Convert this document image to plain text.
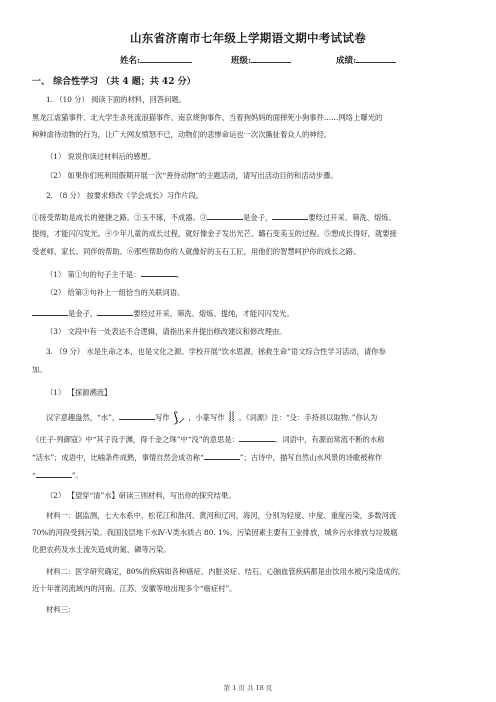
山东省济南市七年级上学期语文期中考试试卷
姓名:	班级:	成绩:
一、 综合性学习 （共 4 题；共 42 分）
1. （10 分） 阅读下面的材料，回答问题。
黑龙江虐猫事件、北大学生杀死流浪猫事件、南京烧狗事件、当着狗妈妈的面摔死小狗事件……网络上曝光的
种种虐待动物的行为，让广大网友愤怒不已，动物们的悲惨命运也一次次撕扯着众人的神经。
（1） 说说你读过材料后的感想。
（2） 如果你们班利用假期开展一次“善待动物”的主题活动，请写出活动目的和活动步骤。
2. （8 分） 按要求修改《学会成长》习作片段。
①接受帮助是成长的便捷之路。②玉不琢，不成器。③	是金子，	要经过开采、筛洗、熔炼、
提纯，才能闪闪发光。④少年儿童的成长过程，就好像金子发出光芒、璐石变美玉的过程。⑤想成长得好，就要接
受老师、家长、同伴的帮助。⑥那些帮助你的人就像好的玉石工匠，用他们的智慧呵护你的成长之路。
（1） 第①句的句子主干是：	。
（2） 给第③句补上一组恰当的关联词语。
是金子，	要经过开采、筛洗、熔炼、提纯，才能闪闪发光。
（3） 文段中有一处表达不合逻辑，请指出来并提出修改建议和修改理由。
3. （9 分） 水是生命之本，也是文化之源。学校开展“饮水思源，拯救生命”语文综合性学习活动，请你参
加。
（1） 【探源溯流】
汉字意趣盎然，“水”，	写作 ⟆⸝ ，小篆写作 ⦚⦚ 。《词源》注：“殳：手持具以取物。”你认为
《庄子·列御寇》中“其子没于渊，得千金之珠”中“没”的意思是：	。词语中，有源而常流不断的水称
“活水”；成语中，比喻条件成熟，事情自然会成功称“	”；古诗中，描写自然山水风景的诗歌被称作
“	”。
（2） 【望穿“清”水】研读三则材料，写出你的探究结果。
材料一：据监测，七大水系中，松花江和淮河、黄河和辽河，海河，分别为轻度、中度、重度污染，多数河流
70%的河段受到污染。我国浅层地下水Ⅳ·Ⅴ类水质占 80. 1%。污染因素主要有工业排放，城乡污水排放与垃圾腐
化把农药及水土流失造成的氮、磷等污染。
材料二：医学研究确定，80%的疾病如各种癌症、内脏炎症、结石、心脑血管疾病都是由饮用水被污染造成的。
近十年淮河流域内的河南、江苏、安徽等地出现多个“癌症村”。
材料三：
第 1 页 共 18 页
